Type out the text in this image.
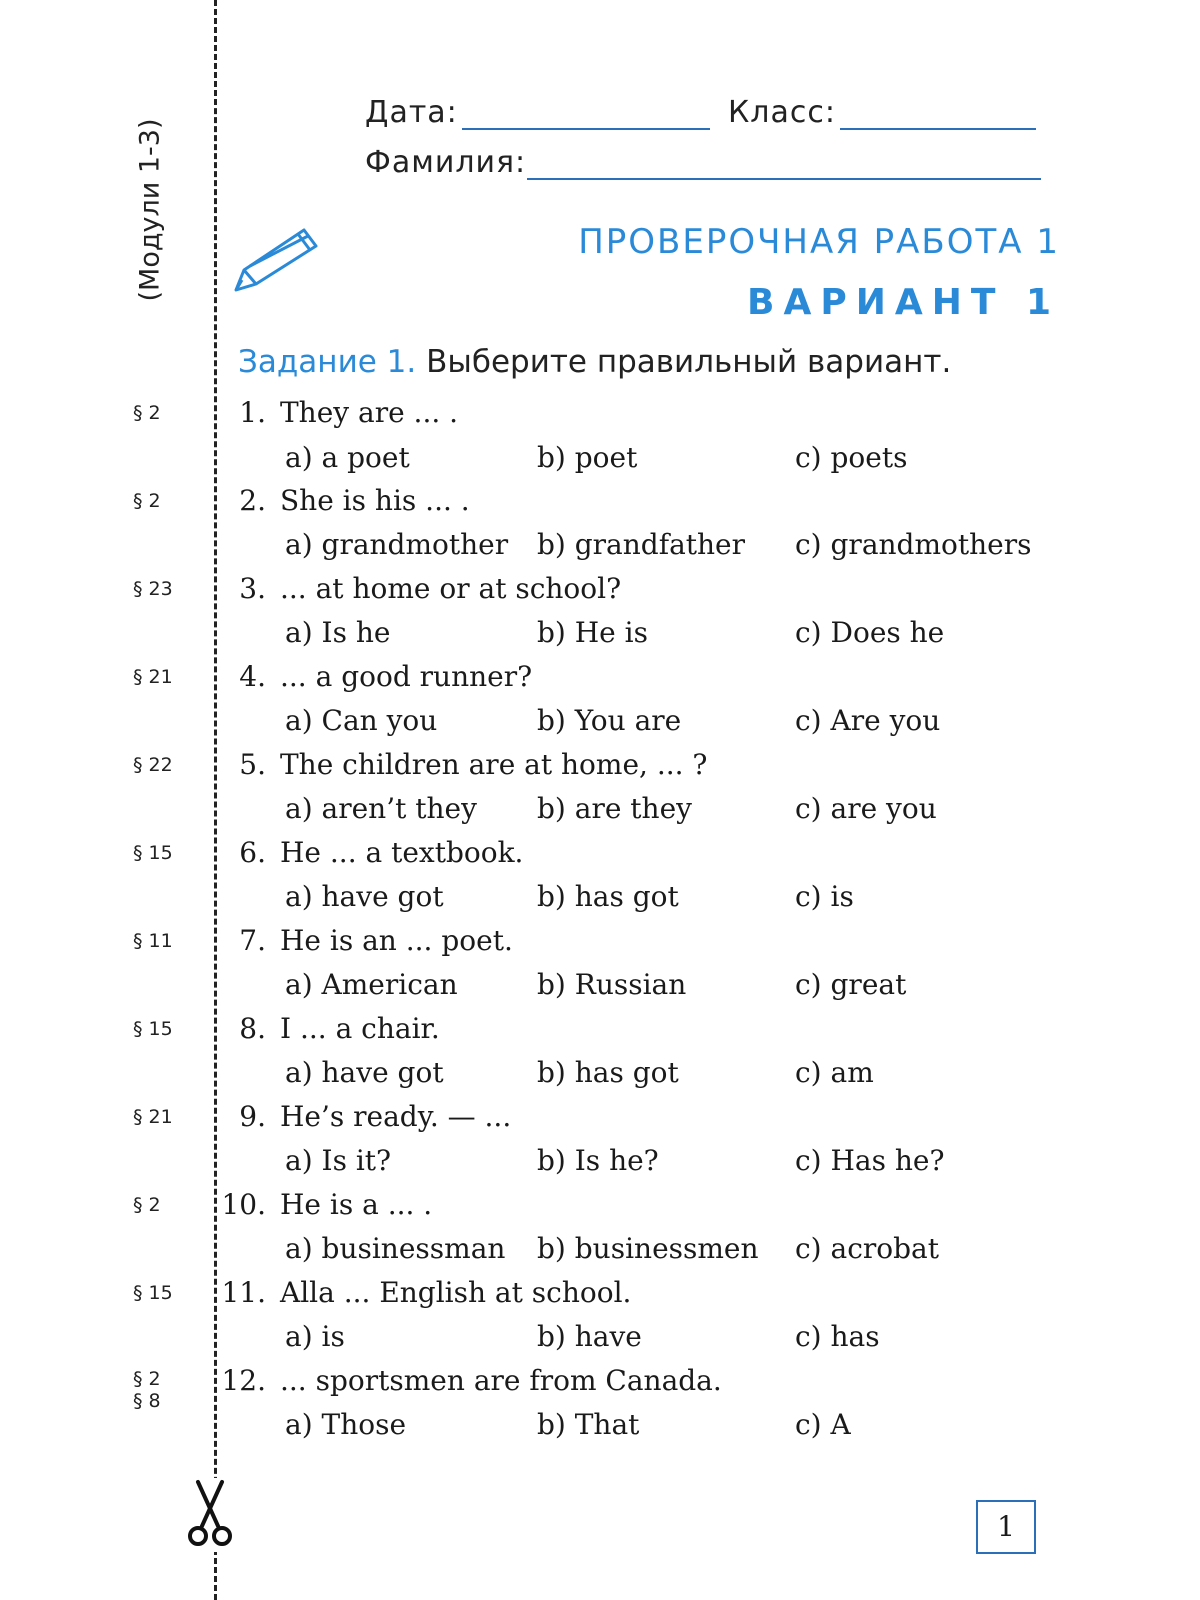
(Модули 1-3)
Дата:	Класс:
Фамилия:
ПРОВЕРОЧНАЯ РАБОТА 1
ВАРИАНТ 1
Задание 1. Выберите правильный вариант.
§ 2	1. They are ... .
a) a poet	b) poet	c) poets
§ 2	2. She is his ... .
a) grandmother b) grandfather c) grandmothers
§ 23	3. ... at home or at school?
a) Is he	b) He is	c) Does he
§ 21	4. ... a good runner?
a) Can you	b) You are	c) Are you
§ 22	5. The children are at home, ... ?
a) aren’t they b) are they	c) are you
§ 15	6. He ... a textbook.
a) have got	b) has got	c) is
§ 11	7. He is an ... poet.
a) American	b) Russian	c) great
§ 15	8. I ... a chair.
a) have got	b) has got	c) am
§ 21	9. He’s ready. — ...
a) Is it?	b) Is he?	c) Has he?
§ 2	10. He is a ... .
a) businessman b) businessmen c) acrobat
§ 15	11. Alla ... English at school.
a) is	b) have	c) has
§ 2
§ 8
12. ... sportsmen are from Canada.
a) Those	b) That	c) A
1
